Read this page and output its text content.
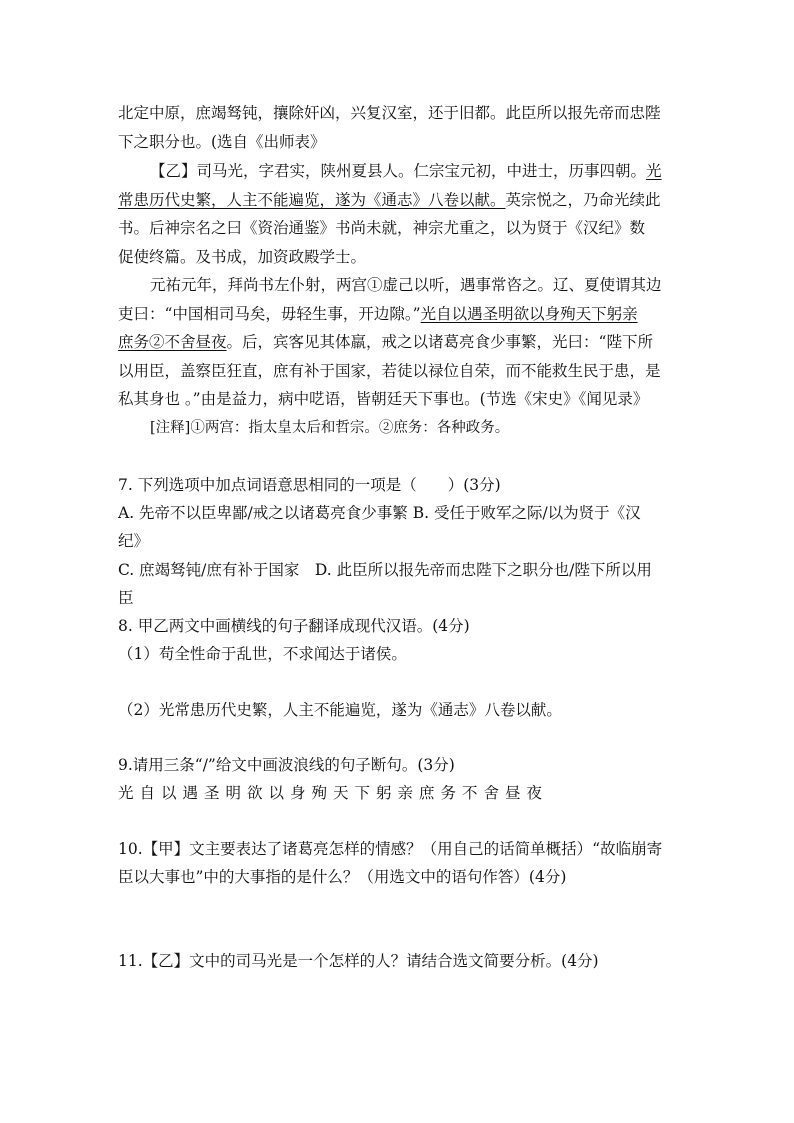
北定中原，庶竭驽钝，攘除奸凶，兴复汉室，还于旧都。此臣所以报先帝而忠陛
下之职分也。(选自《出师表》
【乙】司马光，字君实，陕州夏县人。仁宗宝元初，中进士，历事四朝。光
常患历代史繁，人主不能遍览，遂为《通志》八卷以献。英宗悦之，乃命光续此
书。后神宗名之曰《资治通鉴》书尚未就，神宗尤重之，以为贤于《汉纪》数
促使终篇。及书成，加资政殿学士。
元祐元年，拜尚书左仆射，两宫①虚己以听，遇事常咨之。辽、夏使谓其边
吏曰：“中国相司马矣，毋轻生事，开边隙。”光自以遇圣明欲以身殉天下躬亲
庶务②不舍昼夜。后，宾客见其体羸，戒之以诸葛亮食少事繁，光曰：“陛下所
以用臣，盖察臣狂直，庶有补于国家，若徒以禄位自荣，而不能救生民于患，是
私其身也 。”由是益力，病中呓语，皆朝廷天下事也。(节选《宋史》《闻见录》
[注释]①两宫：指太皇太后和哲宗。②庶务：各种政务。
7. 下列选项中加点词语意思相同的一项是（　　）(3分)
A. 先帝不以臣卑鄙/戒之以诸葛亮食少事繁 B. 受任于败军之际/以为贤于《汉
纪》
C. 庶竭驽钝/庶有补于国家　D. 此臣所以报先帝而忠陛下之职分也/陛下所以用
臣
8. 甲乙两文中画横线的句子翻译成现代汉语。(4分)
（1）苟全性命于乱世，不求闻达于诸侯。
（2）光常患历代史繁，人主不能遍览，遂为《通志》八卷以献。
9.请用三条“/”给文中画波浪线的句子断句。(3分)
光自以遇圣明欲以身殉天下躬亲庶务不舍昼夜
10.【甲】文主要表达了诸葛亮怎样的情感？（用自己的话简单概括）“故临崩寄
臣以大事也”中的大事指的是什么？（用选文中的语句作答）(4分)
11.【乙】文中的司马光是一个怎样的人？请结合选文简要分析。(4分)
